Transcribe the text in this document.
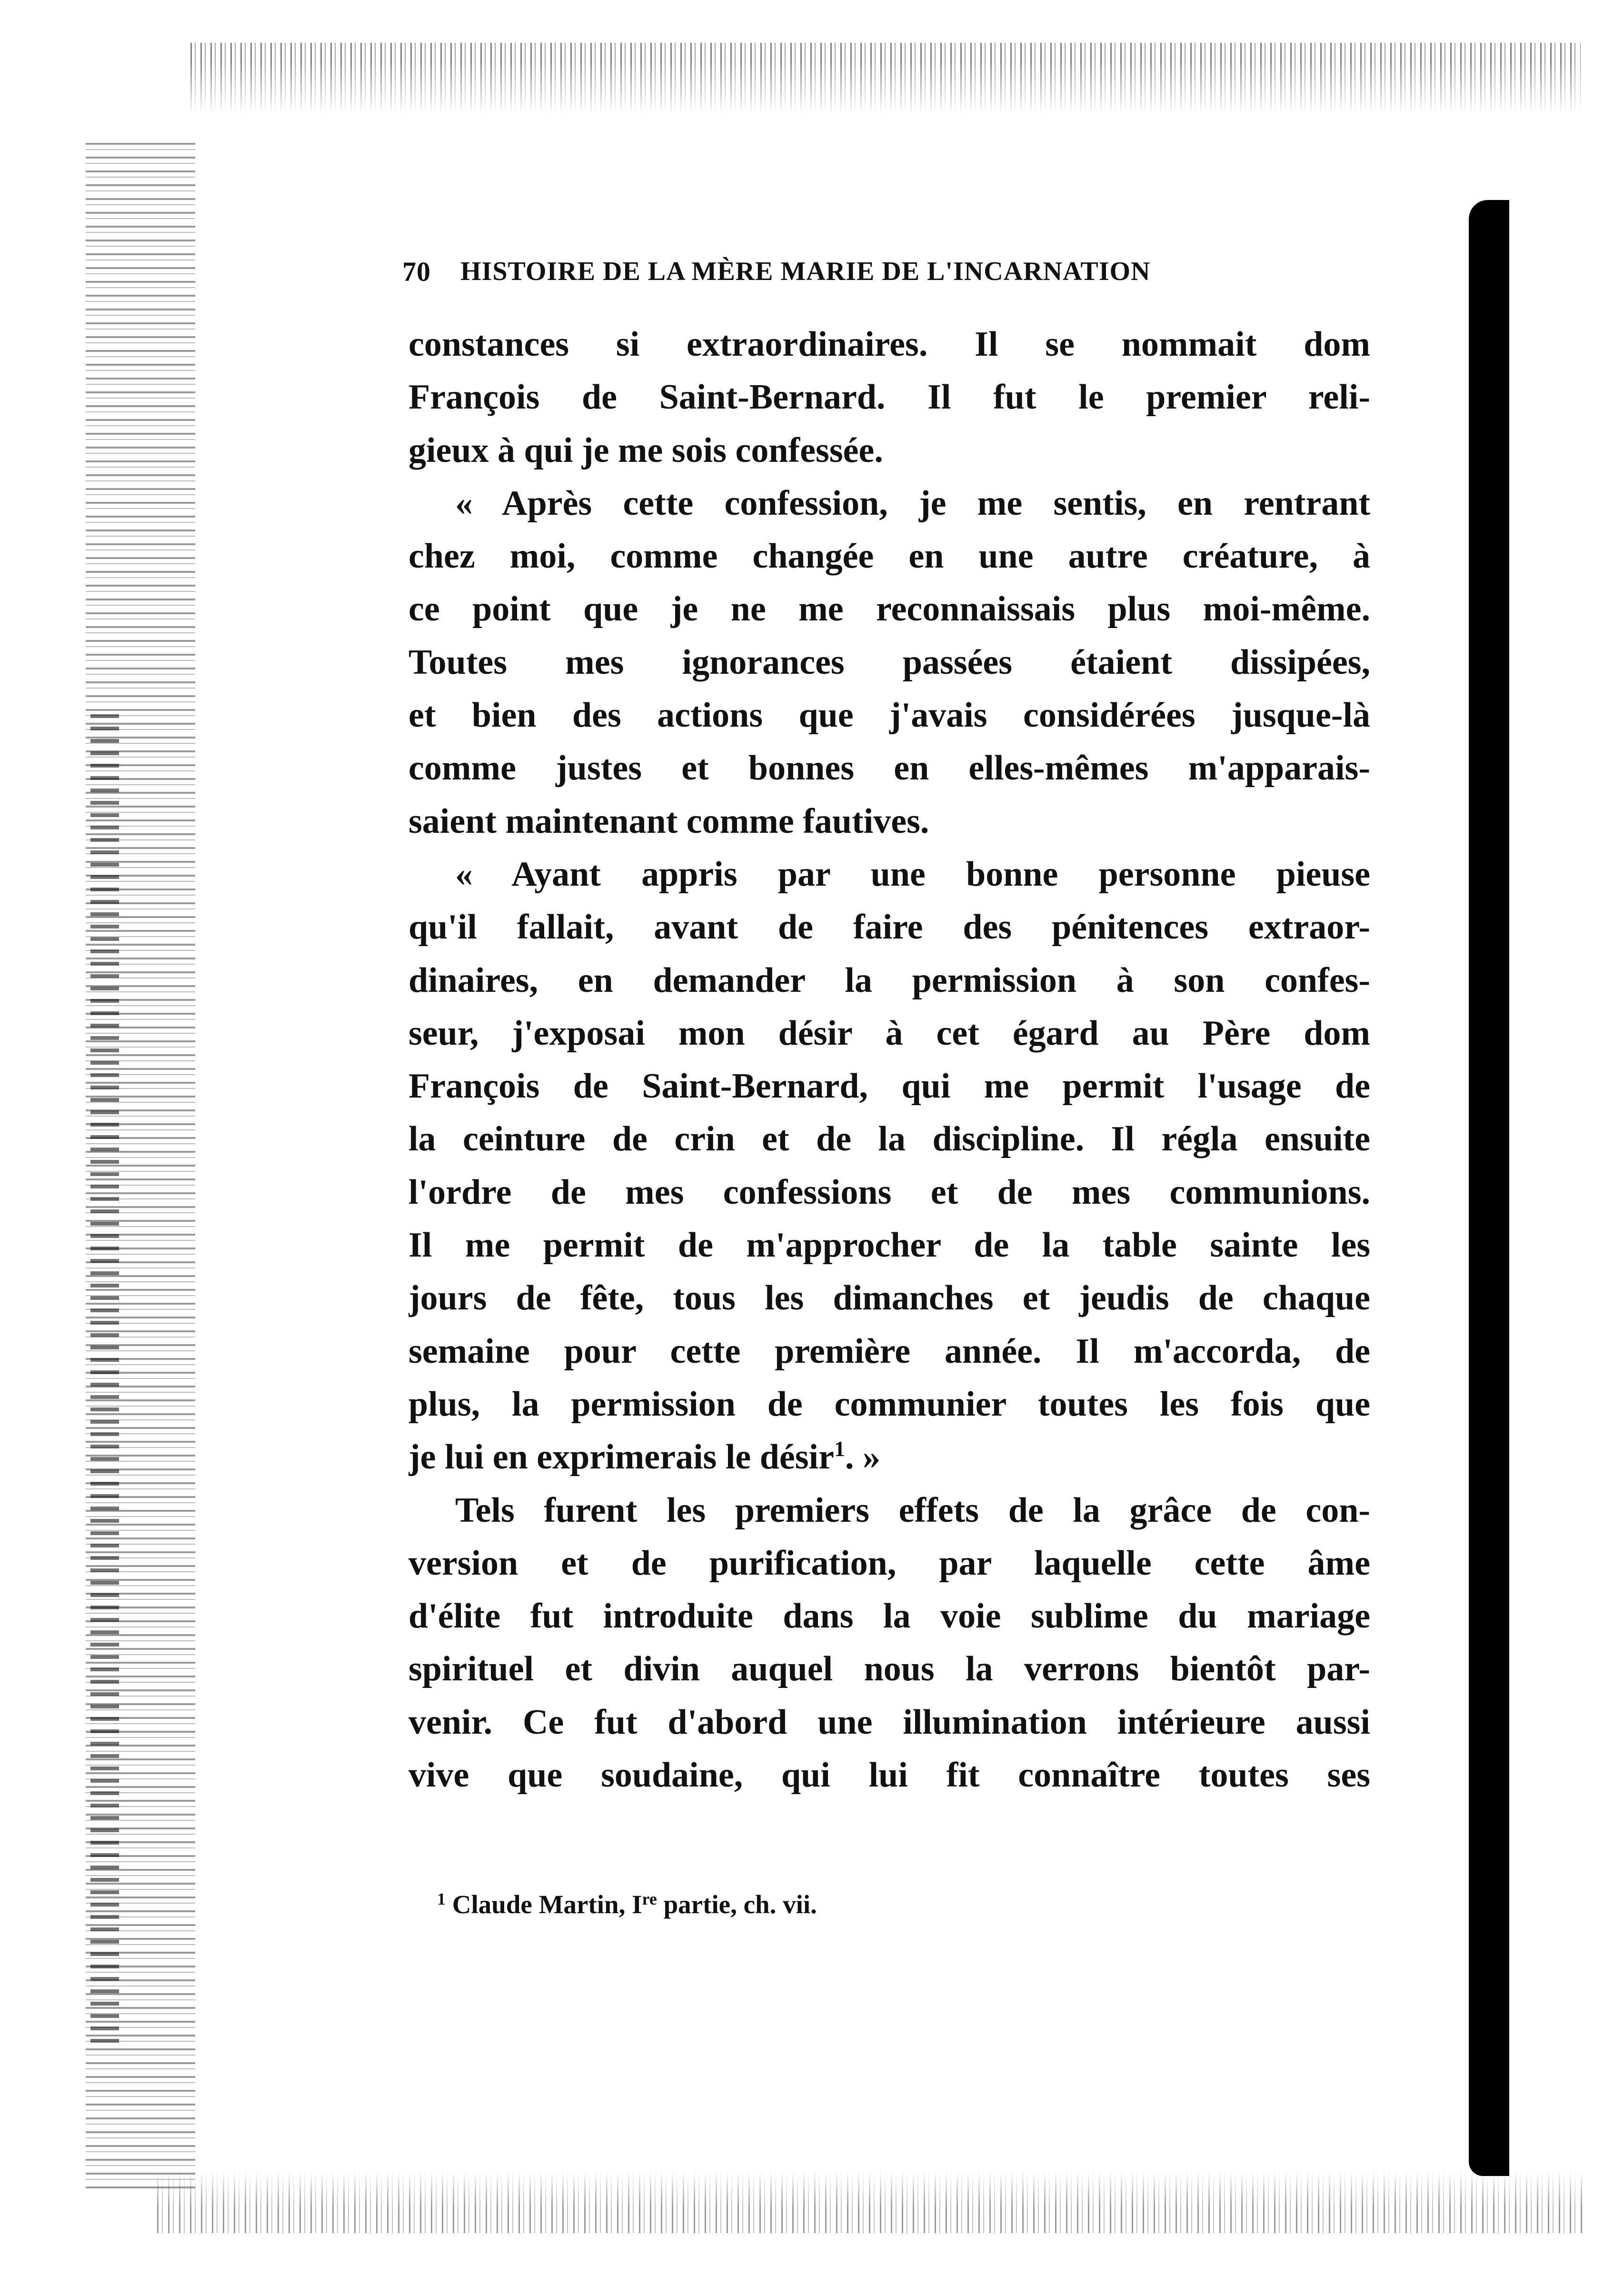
70 HISTOIRE DE LA MÈRE MARIE DE L'INCARNATION
constances si extraordinaires. Il se nommait dom
François de Saint-Bernard. Il fut le premier reli-
gieux à qui je me sois confessée.
« Après cette confession, je me sentis, en rentrant
chez moi, comme changée en une autre créature, à
ce point que je ne me reconnaissais plus moi-même.
Toutes mes ignorances passées étaient dissipées,
et bien des actions que j'avais considérées jusque-là
comme justes et bonnes en elles-mêmes m'apparais-
saient maintenant comme fautives.
« Ayant appris par une bonne personne pieuse
qu'il fallait, avant de faire des pénitences extraor-
dinaires, en demander la permission à son confes-
seur, j'exposai mon désir à cet égard au Père dom
François de Saint-Bernard, qui me permit l'usage de
la ceinture de crin et de la discipline. Il régla ensuite
l'ordre de mes confessions et de mes communions.
Il me permit de m'approcher de la table sainte les
jours de fête, tous les dimanches et jeudis de chaque
semaine pour cette première année. Il m'accorda, de
plus, la permission de communier toutes les fois que
je lui en exprimerais le désir$^1$. »
Tels furent les premiers effets de la grâce de con-
version et de purification, par laquelle cette âme
d'élite fut introduite dans la voie sublime du mariage
spirituel et divin auquel nous la verrons bientôt par-
venir. Ce fut d'abord une illumination intérieure aussi
vive que soudaine, qui lui fit connaître toutes ses
$^1$ Claude Martin, Ire partie, ch. vii.
